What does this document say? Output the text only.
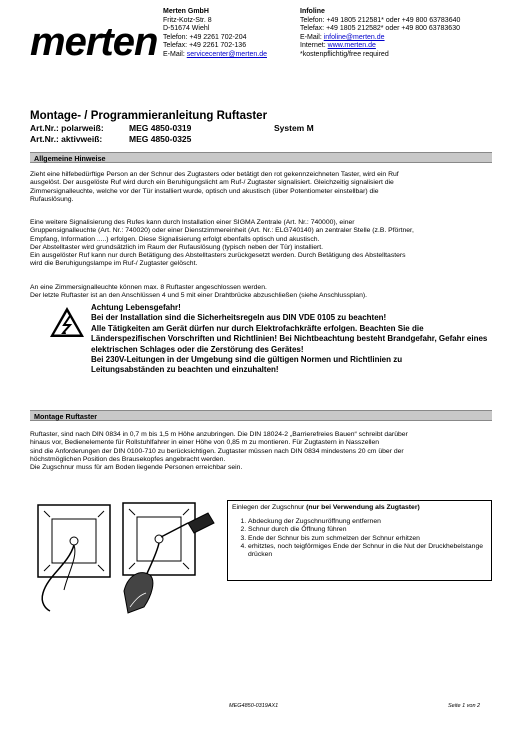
merten
Merten GmbH
Fritz-Kotz-Str. 8
D-51674 Wiehl
Telefon: +49 2261 702-204
Telefax: +49 2261 702-136
E-Mail: servicecenter@merten.de
Infoline
Telefon: +49 1805 212581* oder +49 800 63783640
Telefax: +49 1805 212582* oder +49 800 63783630
E-Mail: infoline@merten.de
Internet: www.merten.de
*kostenpflichtig/free required
Montage- / Programmieranleitung Ruftaster
Art.Nr.: polarweiß:	MEG 4850-0319	System M
Art.Nr.: aktivweiß:	MEG 4850-0325
Allgemeine Hinweise
Zieht eine hilfebedürftige Person an der Schnur des Zugtasters oder betätigt den rot gekennzeichneten Taster, wird ein Ruf
ausgelöst. Der ausgelöste Ruf wird durch ein Beruhigungslicht am Ruf-/ Zugtaster signalisiert. Gleichzeitig signalisiert die
Zimmersignalleuchte, welche vor der Tür installiert wurde, optisch und akustisch (über Potentiometer einstellbar) die
Rufauslösung.
Eine weitere Signalisierung des Rufes kann durch Installation einer SIGMA Zentrale (Art. Nr.: 740000), einer
Gruppensignalleuchte (Art. Nr.: 740020) oder einer Dienstzimmereinheit (Art. Nr.: ELG740140) an zentraler Stelle (z.B. Pförtner,
Empfang, Information .....) erfolgen. Diese Signalisierung erfolgt ebenfalls optisch und akustisch.
Der Abstelltaster wird grundsätzlich im Raum der Rufauslösung (typisch neben der Tür) installiert.
Ein ausgelöster Ruf kann nur durch Betätigung des Abstelltasters zurückgesetzt werden. Durch Betätigung des Abstelltasters
wird die Beruhigungslampe im Ruf-/ Zugtaster gelöscht.
An eine Zimmersignalleuchte können max. 8 Ruftaster angeschlossen werden.
Der letzte Ruftaster ist an den Anschlüssen 4 und 5 mit einer Drahtbrücke abzuschließen (siehe Anschlussplan).
Achtung Lebensgefahr!
Bei der Installation sind die Sicherheitsregeln aus DIN VDE 0105 zu beachten!
Alle Tätigkeiten am Gerät dürfen nur durch Elektrofachkräfte erfolgen. Beachten Sie die
Länderspezifischen Vorschriften und Richtlinien! Bei Nichtbeachtung besteht Brandgefahr, Gefahr eines
elektrischen Schlages oder die Zerstörung des Gerätes!
Bei 230V-Leitungen in der Umgebung sind die gültigen Normen und Richtlinien zu
Leitungsabständen zu beachten und einzuhalten!
Montage Ruftaster
Ruftaster, sind nach DIN 0834 in 0,7 m bis 1,5 m Höhe anzubringen. Die DIN 18024-2 „Barrierefreies Bauen“ schreibt darüber
hinaus vor, Bedienelemente für Rollstuhlfahrer in einer Höhe von 0,85 m zu montieren. Für Zugtastern in Nasszellen
sind die Anforderungen der DIN 0100-710 zu berücksichtigen. Zugtaster müssen nach DIN 0834 mindestens 20 cm über der
höchstmöglichen Position des Brausekopfes angebracht werden.
Die Zugschnur muss für am Boden liegende Personen erreichbar sein.
Einlegen der Zugschnur (nur bei Verwendung als Zugtaster)
1. Abdeckung der Zugschnuröffnung entfernen
2. Schnur durch die Öffnung führen
3. Ende der Schnur bis zum schmelzen der Schnur erhitzen
4. erhitztes, noch teigförmiges Ende der Schnur in die Nut der Druckhebelstange drücken
MEG4850-0319AX1	Seite 1 von 2
